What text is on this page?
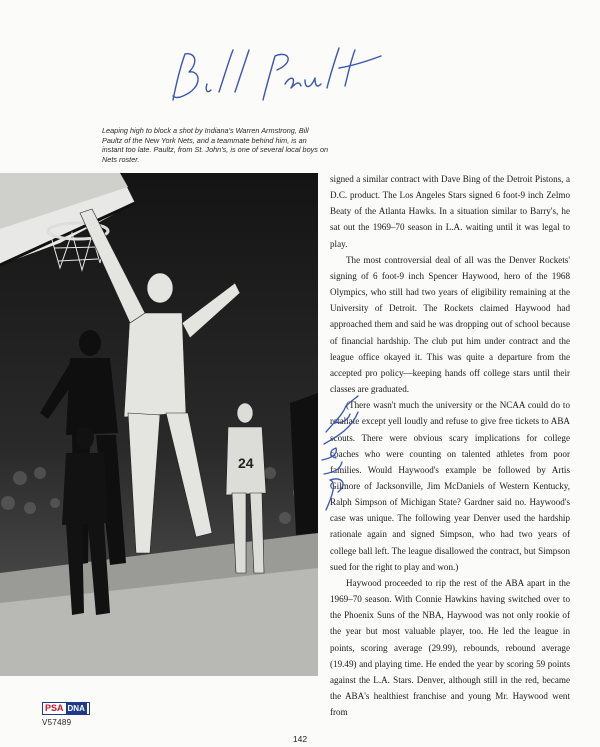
Leaping high to block a shot by Indiana's Warren Armstrong, Bill Paultz of the New York Nets, and a teammate behind him, is an instant too late. Paultz, from St. John's, is one of several local boys on Nets roster.

24

signed a similar contract with Dave Bing of the Detroit Pistons, a D.C. product. The Los Angeles Stars signed 6 foot-9 inch Zelmo Beaty of the Atlanta Hawks. In a situation similar to Barry's, he sat out the 1969–70 season in L.A. waiting until it was legal to play.

The most controversial deal of all was the Denver Rockets' signing of 6 foot-9 inch Spencer Haywood, hero of the 1968 Olympics, who still had two years of eligibility remaining at the University of Detroit. The Rockets claimed Haywood had approached them and said he was dropping out of school because of financial hardship. The club put him under contract and the league office okayed it. This was quite a departure from the accepted pro policy—keeping hands off college stars until their classes are graduated.

(There wasn't much the university or the NCAA could do to retaliate except yell loudly and refuse to give free tickets to ABA scouts. There were obvious scary implications for college coaches who were counting on talented athletes from poor families. Would Haywood's example be followed by Artis Gilmore of Jacksonville, Jim McDaniels of Western Kentucky, Ralph Simpson of Michigan State? Gardner said no. Haywood's case was unique. The following year Denver used the hardship rationale again and signed Simpson, who had two years of college ball left. The league disallowed the contract, but Simpson sued for the right to play and won.)

Haywood proceeded to rip the rest of the ABA apart in the 1969–70 season. With Connie Hawkins having switched over to the Phoenix Suns of the NBA, Haywood was not only rookie of the year but most valuable player, too. He led the league in points, scoring average (29.99), rebounds, rebound average (19.49) and playing time. He ended the year by scoring 59 points against the L.A. Stars. Denver, although still in the red, became the ABA's healthiest franchise and young Mr. Haywood went from

PSA DNA
V57489
142
